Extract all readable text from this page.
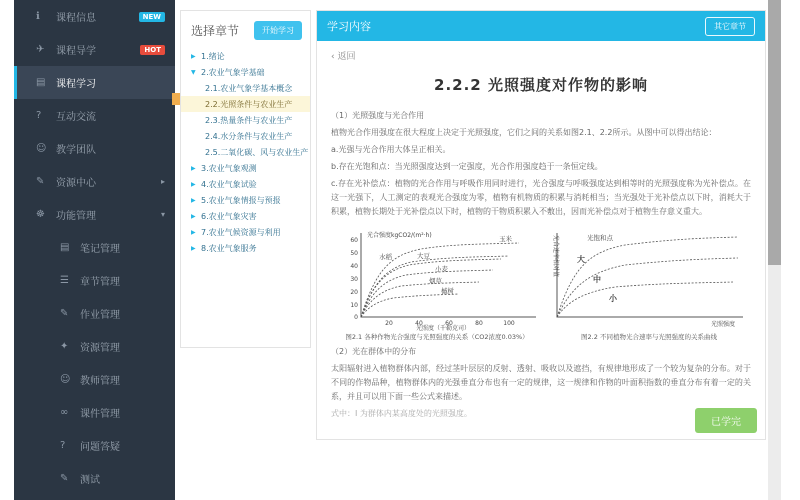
ℹ	课程信息	NEW
✈	课程导学	HOT
▤	课程学习
?	互动交流
☺ 教学团队
✎	资源中心	▸
☸	功能管理	▾
▤	笔记管理
☰	章节管理
✎	作业管理
✦	资源管理
☺ 教师管理
∞	课件管理
?	问题答疑
✎	测试
选择章节	开始学习
▶ 1.绪论
▼ 2.农业气象学基础
2.1.农业气象学基本概念
2.2.光照条件与农业生产
2.3.热量条件与农业生产
2.4.水分条件与农业生产
2.5.二氧化碳、风与农业生产
▶ 3.农业气象观测
▶ 4.农业气象试验
▶ 5.农业气象情报与预报
▶ 6.农业气象灾害
▶ 7.农业气候资源与利用
▶ 8.农业气象服务
学习内容	其它章节
‹ 返回
2.2.2 光照强度对作物的影响

（1）光照强度与光合作用

植物光合作用强度在很大程度上决定于光照强度，它们之间的关系如图2.1、2.2所示。从图中可以得出结论：

a.光强与光合作用大体呈正相关。

b.存在光饱和点：当光照强度达到一定强度，光合作用强度趋于一条恒定线。

c.存在光补偿点：植物的光合作用与呼吸作用同时进行，光合强度与呼吸强度达到相等时的光照强度称为光补偿点。在这一光强下，人工测定的表观光合强度为零，植物有机物质的积累与消耗相当；当光强处于光补偿点以下时，消耗大于积累，植物长期处于光补偿点以下时，植物的干物质积累入不敷出，因而光补偿点对于植物生存意义重大。

光合强度kgCO2/(m²·h)
60
50
40
30
20
10
0
20	40	60	80	100
玉米
大豆
水稻
小麦
烟草
槭树
光照度（千勒克司）
图2.1 各种作物光合强度与光照强度的关系（CO2浓度0.03%）
光合速率相对值	光饱和点
大
中
小
光照强度
图2.2 不同植物光合速率与光照强度的关系曲线

（2）光在群体中的分布

太阳辐射进入植物群体内部，经过茎叶层层的反射、透射、吸收以及遮挡，有规律地形成了一个较为复杂的分布。对于不同的作物品种，植物群体内的光强垂直分布也有一定的规律，这一规律和作物的叶面积指数的垂直分布有着一定的关系，并且可以用下面一些公式来描述。

式中：I 为群体内某高度处的光照强度。

已学完
